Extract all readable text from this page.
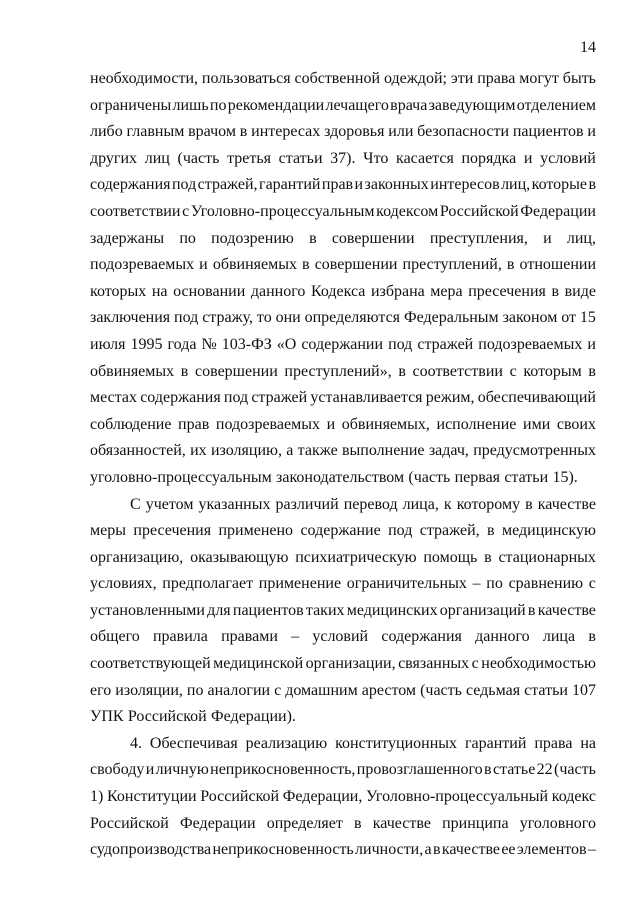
14
необходимости, пользоваться собственной одеждой; эти права могут быть
ограничены лишь по рекомендации лечащего врача заведующим отделением
либо главным врачом в интересах здоровья или безопасности пациентов и
других лиц (часть третья статьи 37). Что касается порядка и условий
содержания под стражей, гарантий прав и законных интересов лиц, которые в
соответствии с Уголовно-процессуальным кодексом Российской Федерации
задержаны по подозрению в совершении преступления, и лиц,
подозреваемых и обвиняемых в совершении преступлений, в отношении
которых на основании данного Кодекса избрана мера пресечения в виде
заключения под стражу, то они определяются Федеральным законом от 15
июля 1995 года № 103-ФЗ «О содержании под стражей подозреваемых и
обвиняемых в совершении преступлений», в соответствии с которым в
местах содержания под стражей устанавливается режим, обеспечивающий
соблюдение прав подозреваемых и обвиняемых, исполнение ими своих
обязанностей, их изоляцию, а также выполнение задач, предусмотренных
уголовно-процессуальным законодательством (часть первая статьи 15).
С учетом указанных различий перевод лица, к которому в качестве
меры пресечения применено содержание под стражей, в медицинскую
организацию, оказывающую психиатрическую помощь в стационарных
условиях, предполагает применение ограничительных – по сравнению с
установленными для пациентов таких медицинских организаций в качестве
общего правила правами – условий содержания данного лица в
соответствующей медицинской организации, связанных с необходимостью
его изоляции, по аналогии с домашним арестом (часть седьмая статьи 107
УПК Российской Федерации).
4. Обеспечивая реализацию конституционных гарантий права на
свободу и личную неприкосновенность, провозглашенного в статье 22 (часть
1) Конституции Российской Федерации, Уголовно-процессуальный кодекс
Российской Федерации определяет в качестве принципа уголовного
судопроизводства неприкосновенность личности, а в качестве ее элементов –
